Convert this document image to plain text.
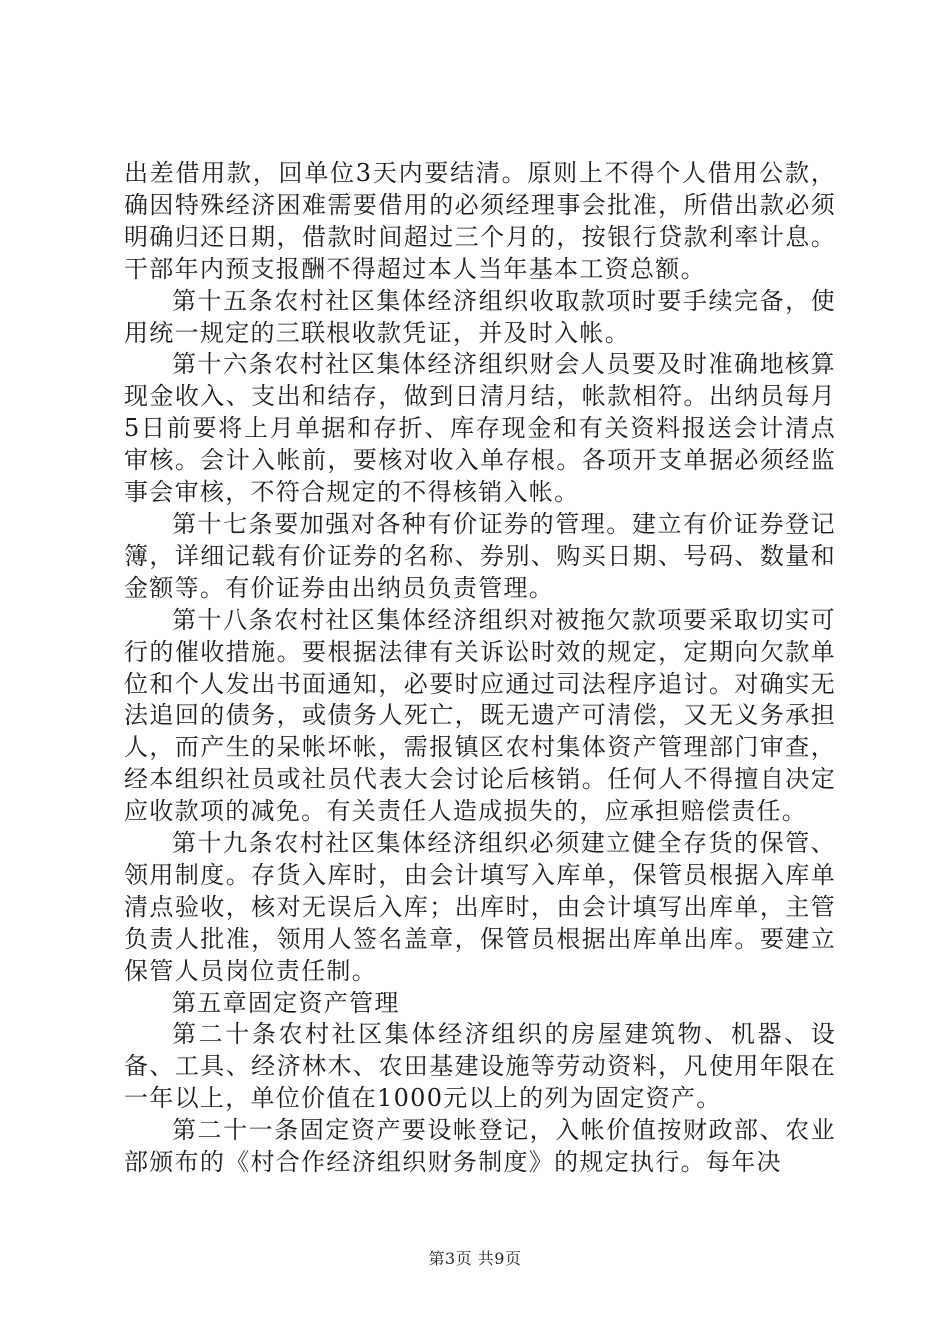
出差借用款，回单位3天内要结清。原则上不得个人借用公款，确因特殊经济困难需要借用的必须经理事会批准，所借出款必须明确归还日期，借款时间超过三个月的，按银行贷款利率计息。干部年内预支报酬不得超过本人当年基本工资总额。

第十五条农村社区集体经济组织收取款项时要手续完备，使用统一规定的三联根收款凭证，并及时入帐。

第十六条农村社区集体经济组织财会人员要及时准确地核算现金收入、支出和结存，做到日清月结，帐款相符。出纳员每月5日前要将上月单据和存折、库存现金和有关资料报送会计清点审核。会计入帐前，要核对收入单存根。各项开支单据必须经监事会审核，不符合规定的不得核销入帐。

第十七条要加强对各种有价证券的管理。建立有价证券登记簿，详细记载有价证券的名称、券别、购买日期、号码、数量和金额等。有价证券由出纳员负责管理。

第十八条农村社区集体经济组织对被拖欠款项要采取切实可行的催收措施。要根据法律有关诉讼时效的规定，定期向欠款单位和个人发出书面通知，必要时应通过司法程序追讨。对确实无法追回的债务，或债务人死亡，既无遗产可清偿，又无义务承担人，而产生的呆帐坏帐，需报镇区农村集体资产管理部门审查，经本组织社员或社员代表大会讨论后核销。任何人不得擅自决定应收款项的减免。有关责任人造成损失的，应承担赔偿责任。

第十九条农村社区集体经济组织必须建立健全存货的保管、领用制度。存货入库时，由会计填写入库单，保管员根据入库单清点验收，核对无误后入库；出库时，由会计填写出库单，主管负责人批准，领用人签名盖章，保管员根据出库单出库。要建立保管人员岗位责任制。

第五章固定资产管理

第二十条农村社区集体经济组织的房屋建筑物、机器、设备、工具、经济林木、农田基建设施等劳动资料，凡使用年限在一年以上，单位价值在1000元以上的列为固定资产。

第二十一条固定资产要设帐登记，入帐价值按财政部、农业部颁布的《村合作经济组织财务制度》的规定执行。每年决

第3页 共9页
